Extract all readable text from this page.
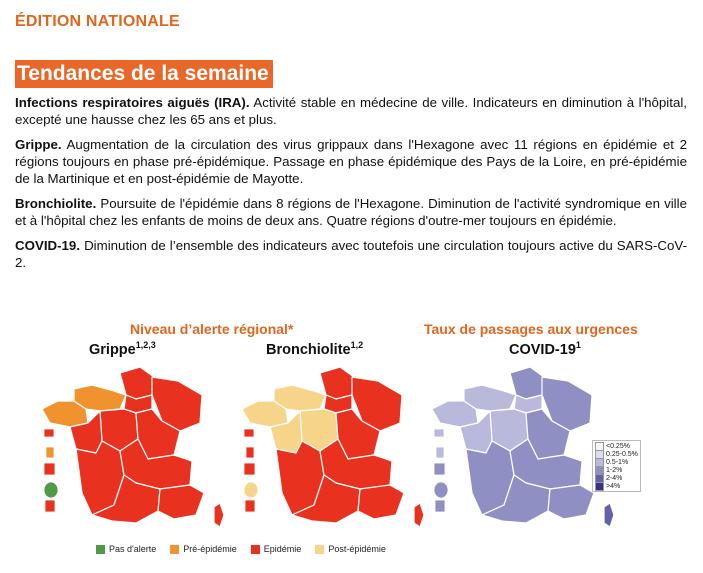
ÉDITION NATIONALE
Tendances de la semaine

Infections respiratoires aiguës (IRA). Activité stable en médecine de ville. Indicateurs en diminution à l'hôpital, excepté une hausse chez les 65 ans et plus.

Grippe. Augmentation de la circulation des virus grippaux dans l'Hexagone avec 11 régions en épidémie et 2 régions toujours en phase pré-épidémique. Passage en phase épidémique des Pays de la Loire, en pré-épidémie de la Martinique et en post-épidémie de Mayotte.

Bronchiolite. Poursuite de l'épidémie dans 8 régions de l'Hexagone. Diminution de l'activité syndromique en ville et à l'hôpital chez les enfants de moins de deux ans. Quatre régions d'outre-mer toujours en épidémie.

COVID-19. Diminution de l’ensemble des indicateurs avec toutefois une circulation toujours active du SARS-CoV-2.

Niveau d’alerte régional*	Taux de passages aux urgences
Grippe$^{1,2,3}$	Bronchiolite$^{1,2}$	COVID-$19^1$
<0.25%
0.25-0.5%
0.5-1%
1-2%
2-4%
>4%
Pas d'alerte	Pré-épidémie	Epidémie	Post-épidémie
